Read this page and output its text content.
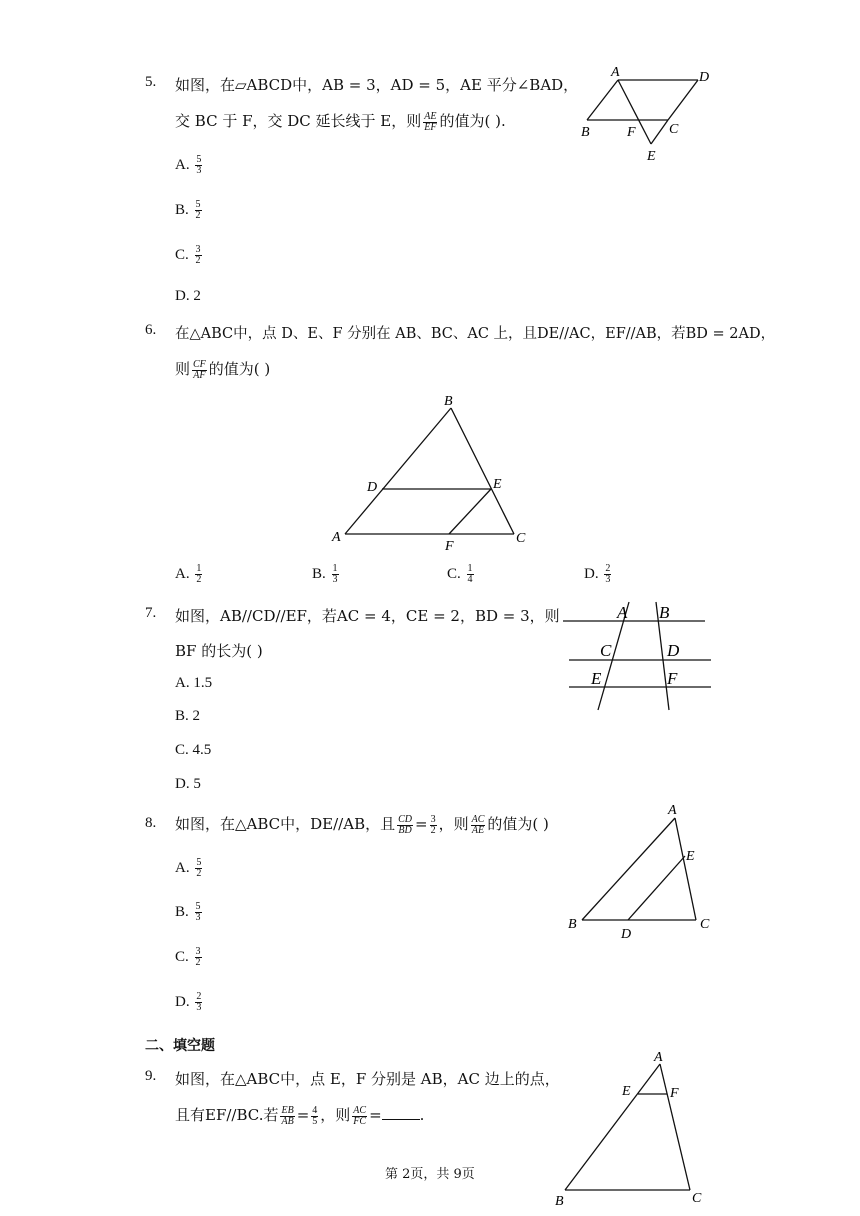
5. 如图，在▱ABCD中，AB = 3，AD = 5，AE 平分∠BAD，
交 BC 于 F，交 DC 延长线于 E，则 $\frac{AE}{EF}$ 的值为( ).
A. $\frac{5}{3}$
B. $\frac{5}{2}$
C. $\frac{3}{2}$
D. 2
A	D
B	F C
E
6. 在△ABC中，点 D、E、F 分别在 AB、BC、AC 上，且DE//AC，EF//AB，若BD = 2AD，
则 $\frac{CF}{AF}$ 的值为( )
B
D	E
A
F
C
A. $\frac{1}{2}$	B. $\frac{1}{3}$	C. $\frac{1}{4}$	D. $\frac{2}{3}$
7. 如图，AB//CD//EF，若AC = 4，CE = 2，BD = 3，则
BF 的长为( )
A. 1.5
B. 2
C. 4.5
D. 5
A B
C	D
E	F
8. 如图，在△ABC中，DE//AB，且 $\frac{CD}{BD} = \frac{3}{2}$ ，则 $\frac{AC}{AE}$ 的值为( )
A. $\frac{5}{2}$
B. $\frac{5}{3}$
C. $\frac{3}{2}$
D. $\frac{2}{3}$
A
E
B
D
C
二、填空题
9. 如图，在△ABC中，点 E，F 分别是 AB，AC 边上的点，
且有EF//BC.若 $\frac{EB}{AB} = \frac{4}{5}$ ，则 $\frac{AC}{FC}$ =	.
A
E	F
B	C
第 2页，共 9页
